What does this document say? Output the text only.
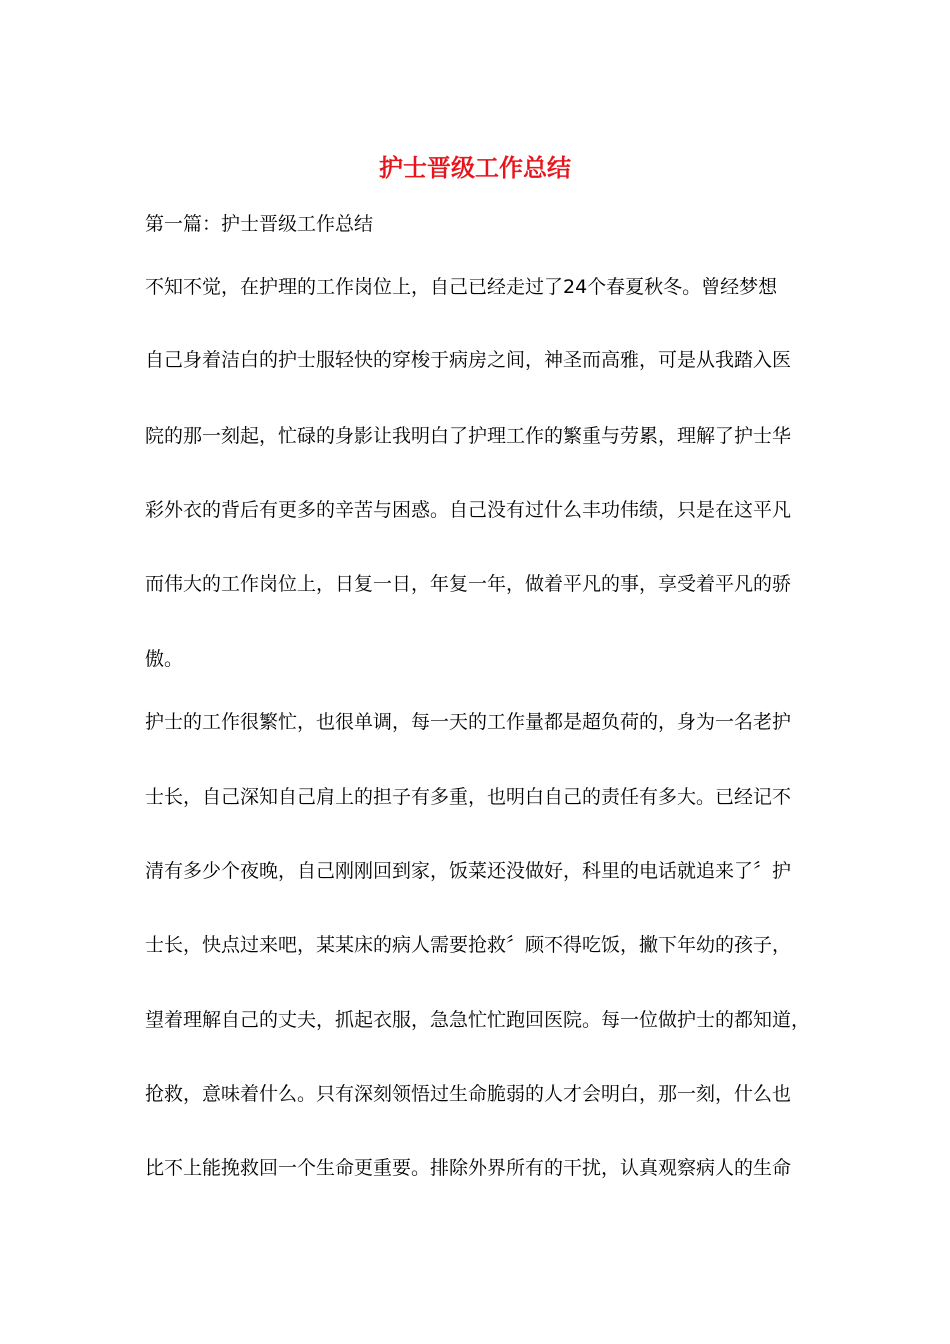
护士晋级工作总结
第一篇：护士晋级工作总结
不知不觉，在护理的工作岗位上，自己已经走过了24个春夏秋冬。曾经梦想
自己身着洁白的护士服轻快的穿梭于病房之间，神圣而高雅，可是从我踏入医
院的那一刻起，忙碌的身影让我明白了护理工作的繁重与劳累，理解了护士华
彩外衣的背后有更多的辛苦与困惑。自己没有过什么丰功伟绩，只是在这平凡
而伟大的工作岗位上，日复一日，年复一年，做着平凡的事，享受着平凡的骄
傲。
护士的工作很繁忙，也很单调，每一天的工作量都是超负荷的，身为一名老护
士长，自己深知自己肩上的担子有多重，也明白自己的责任有多大。已经记不
清有多少个夜晚，自己刚刚回到家，饭菜还没做好，科里的电话就追来了〞护
士长，快点过来吧，某某床的病人需要抢救〞顾不得吃饭，撇下年幼的孩子，
望着理解自己的丈夫，抓起衣服，急急忙忙跑回医院。每一位做护士的都知道，
抢救，意味着什么。只有深刻领悟过生命脆弱的人才会明白，那一刻，什么也
比不上能挽救回一个生命更重要。排除外界所有的干扰，认真观察病人的生命
